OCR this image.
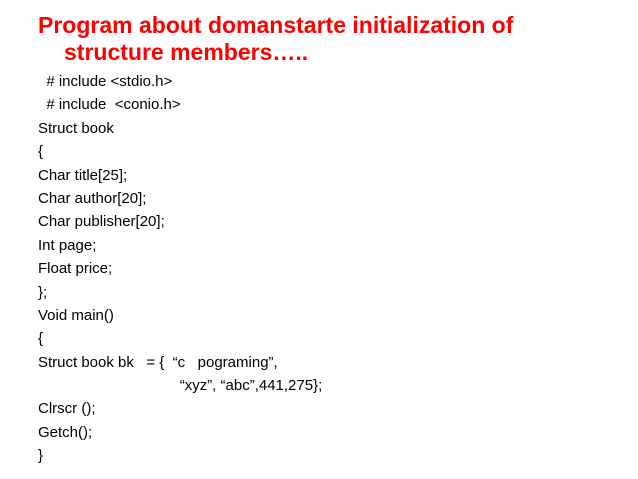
Program about domanstarte initialization of
structure members…..
# include <stdio.h>
# include  <conio.h>
Struct book
{
Char title[25];
Char author[20];
Char publisher[20];
Int page;
Float price;
};
Void main()
{
Struct book bk   = {  “c   pograming”,
“xyz”, “abc”,441,275};
Clrscr ();
Getch();
}
